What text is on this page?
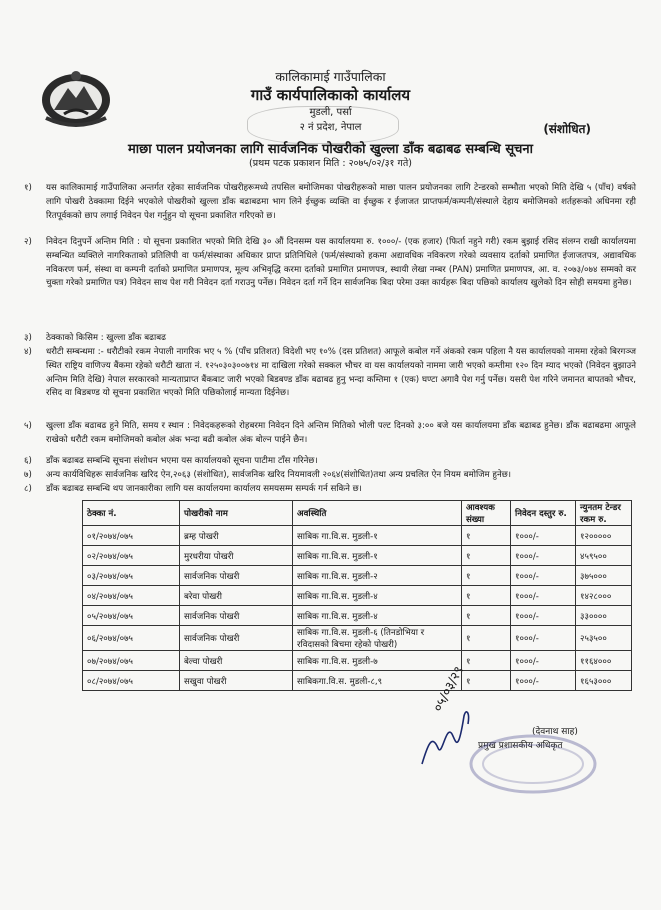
कालिकामाई गाउँपालिका
गाउँ कार्यपालिकाको कार्यालय
मुडली, पर्सा
२ नं प्रदेश, नेपाल	(संशोधित)
माछा पालन प्रयोजनका लागि सार्वजनिक पोखरीको खुल्ला डाँक बढाबढ सम्बन्धि सूचना
(प्रथम पटक प्रकाशन मिति : २०७५/०२/३१ गते)
१) यस कालिकामाई गाउँपालिका अन्तर्गत रहेका सार्वजनिक पोखरीहरूमध्ये तपसिल बमोजिमका पोखरीहरूको माछा पालन प्रयोजनका लागि टेन्डरको सम्भौता भएको मिति देखि ५ (पाँच) वर्षको लागि पोखरी ठेक्कामा दिईने भएकोले पोखरीको खुल्ला डाँक बढाबढमा भाग लिने ईच्छुक व्यक्ति वा ईच्छुक र ईजाजत प्राप्तफर्म/कम्पनी/संस्थाले देहाय बमोजिमको शर्तहरूको अधिनमा रही रितपूर्वकको छाप लगाई निवेदन पेश गर्नुहुन यो सूचना प्रकाशित गरिएको छ।
२) निवेदन दिनुपर्ने अन्तिम मिति : यो सूचना प्रकाशित भएको मिति देखि ३० औं दिनसम्म यस कार्यालयमा रु. १०००/- (एक हजार) (फिर्ता नहुने गरी) रकम बुझाई रसिद संलग्न राखी कार्यालयमा सम्बन्धित व्यक्तिले नागरिकताको प्रतिलिपी वा फर्म/संस्थाका अधिकार प्राप्त प्रतिनिधिले (फर्म/संस्थाको हकमा अद्यावधिक नविकरण गरेको व्यवसाय दर्ताको प्रमाणित ईजाजतपत्र, अद्यावधिक नविकरण फर्म, संस्था वा कम्पनी दर्ताको प्रमाणित प्रमाणपत्र, मूल्य अभिवृद्धि करमा दर्ताको प्रमाणित प्रमाणपत्र, स्थायी लेखा नम्बर (PAN) प्रमाणित प्रमाणपत्र, आ. व. २०७३/०७४ सम्मको कर चुक्ता गरेको प्रमाणित पत्र) निवेदन साथ पेश गरी निवेदन दर्ता गराउनु पर्नेछ। निवेदन दर्ता गर्ने दिन सार्वजनिक बिदा परेमा उक्त कार्यहरू बिदा पछिको कार्यालय खुलेको दिन सोही समयमा हुनेछ।
३) ठेक्काको किसिम : खुल्ला डाँक बढाबढ
४) धरौटी सम्बन्धमा :- धरौटीको रकम नेपाली नागरिक भए ५ % (पाँच प्रतिशत) विदेशी भए १०% (दस प्रतिशत) आफूले कबोल गर्ने अंकको रकम पहिला नै यस कार्यालयको नाममा रहेको बिरगञ्ज स्थित राष्ट्रिय वाणिज्य बैंकमा रहेको धरौटी खाता नं. १२५०३०३००७१४ मा दाखिला गरेको सक्कल भौचर वा यस कार्यालयको नाममा जारी भएको कम्तीमा १२० दिन म्याद भएको (निवेदन बुझाउने अन्तिम मिति देखि) नेपाल सरकारको मान्यताप्राप्त बैंकबाट जारी भएको बिडबण्ड डाँक बढाबढ हुनु भन्दा कम्तिमा १ (एक) घण्टा अगावै पेश गर्नु पर्नेछ। यसरी पेश गरिने जमानत बापतको भौचर, रसिद वा बिडबण्ड यो सूचना प्रकाशित भएको मिति पछिकोलाई मान्यता दिईनेछ।
५) खुल्ला डाँक बढाबढ हुने मिति, समय र स्थान : निवेदकहरूको रोहबरमा निवेदन दिने अन्तिम मितिको भोली पल्ट दिनको ३:०० बजे यस कार्यालयमा डाँक बढाबढ हुनेछ। डाँक बढाबढमा आफूले राखेको धरौटी रकम बमोजिमको कबोल अंक भन्दा बढी कबोल अंक बोल्न पाईने छैन।
६) डाँक बढाबढ सम्बन्धि सूचना संशोधन भएमा यस कार्यालयको सूचना पाटीमा टाँस गरिनेछ।
७) अन्य कार्यविधिहरू सार्वजनिक खरिद ऐन,२०६३ (संशोधित), सार्वजनिक खरिद नियमावली २०६४(संशोधित)तथा अन्य प्रचलित ऐन नियम बमोजिम हुनेछ।
८) डाँक बढाबढ सम्बन्धि थप जानकारीका लागि यस कार्यालयमा कार्यालय समयसम्म सम्पर्क गर्न सकिने छ।
ठेक्का नं.	पोखरीको नाम	अवस्थिति	आवश्यक संख्या	निवेदन दस्तुर रु.	न्युनतम टेन्डर रकम रु.
०१/२०७४/०७५	ब्रम्ह पोखरी	साबिक गा.वि.स. मुडली-१	१	१०००/-	१२०००००
०२/२०७४/०७५	मुरधरीया पोखरी	साबिक गा.वि.स. मुडली-१	१	१०००/-	४५९५००
०३/२०७४/०७५	सार्वजनिक पोखरी	साबिक गा.वि.स. मुडली-२	१	१०००/-	३७५०००
०४/२०७४/०७५	बरेवा पोखरी	साबिक गा.वि.स. मुडली-४	१	१०००/-	१४२८०००
०५/२०७४/०७५	सार्वजनिक पोखरी	साबिक गा.वि.स. मुडली-४	१	१०००/-	३३००००
०६/२०७४/०७५	सार्वजनिक पोखरी	साबिक गा.वि.स. मुडली-६ (तिनडोभिया र रविदासको बिचमा रहेको पोखरी)	१	१०००/-	२५३५००
०७/२०७४/०७५	बेल्वा पोखरी	साबिक गा.वि.स. मुडली-७	१	१०००/-	११६४०००
०८/२०७४/०७५	सखुवा पोखरी	साबिकगा.वि.स. मुडली-८,९	१	१०००/-	१६५३०००
०५/०३/२९
(देवनाथ साह)
प्रमुख प्रशासकीय अधिकृत
